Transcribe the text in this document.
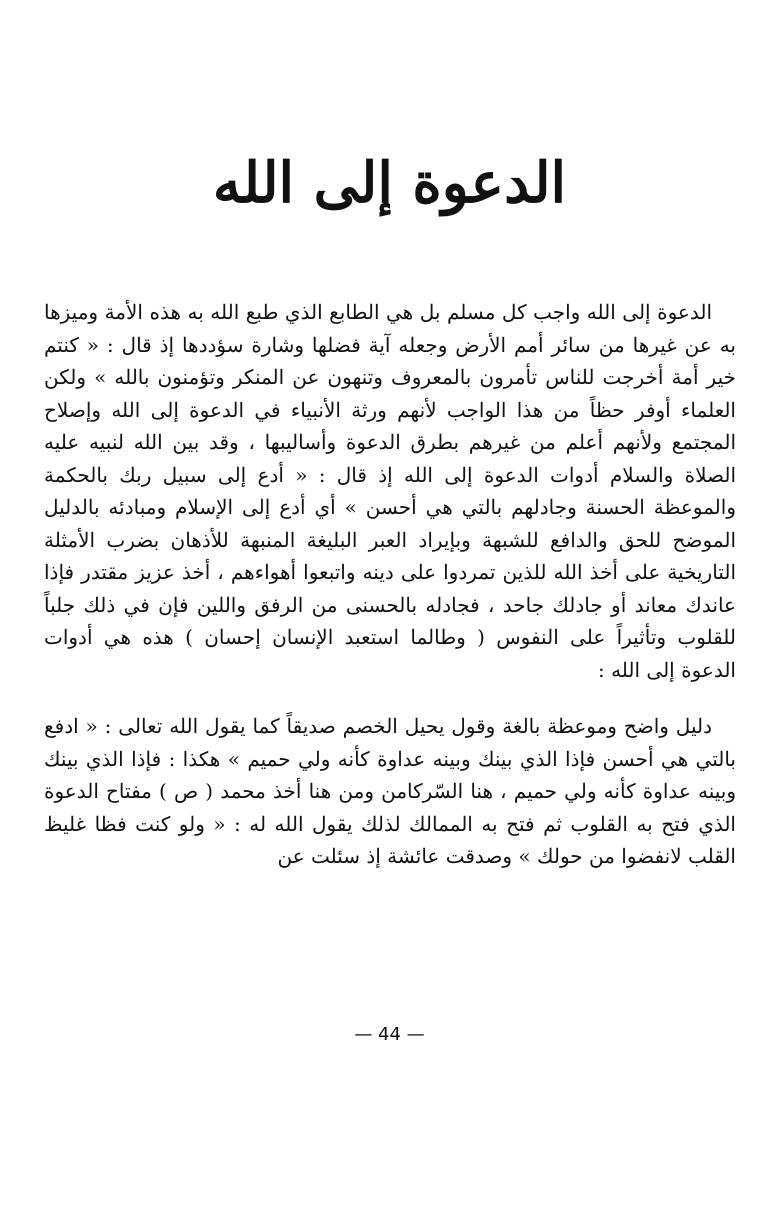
الدعوة إلى الله

الدعوة إلى الله واجب كل مسلم بل هي الطابع الذي طبع الله به هذه الأمة وميزها به عن غيرها من سائر أمم الأرض وجعله آية فضلها وشارة سؤددها إذ قال : « كنتم خير أمة أخرجت للناس تأمرون بالمعروف وتنهون عن المنكر وتؤمنون بالله » ولكن العلماء أوفر حظاً من هذا الواجب لأنهم ورثة الأنبياء في الدعوة إلى الله وإصلاح المجتمع ولأنهم أعلم من غيرهم بطرق الدعوة وأساليبها ، وقد بين الله لنبيه عليه الصلاة والسلام أدوات الدعوة إلى الله إذ قال : « أدع إلى سبيل ربك بالحكمة والموعظة الحسنة وجادلهم بالتي هي أحسن » أي أدع إلى الإسلام ومبادئه بالدليل الموضح للحق والدافع للشبهة وبإيراد العبر البليغة المنبهة للأذهان بضرب الأمثلة التاريخية على أخذ الله للذين تمردوا على دينه واتبعوا أهواءهم ، أخذ عزيز مقتدر فإذا عاندك معاند أو جادلك جاحد ، فجادله بالحسنى من الرفق واللين فإن في ذلك جلباً للقلوب وتأثيراً على النفوس ( وطالما استعبد الإنسان إحسان ) هذه هي أدوات الدعوة إلى الله :

دليل واضح وموعظة بالغة وقول يحيل الخصم صديقاً كما يقول الله تعالى : « ادفع بالتي هي أحسن فإذا الذي بينك وبينه عداوة كأنه ولي حميم » هكذا : فإذا الذي بينك وبينه عداوة كأنه ولي حميم ، هنا السّركامن ومن هنا أخذ محمد ( ص ) مفتاح الدعوة الذي فتح به القلوب ثم فتح به الممالك لذلك يقول الله له : « ولو كنت فظا غليظ القلب لانفضوا من حولك » وصدقت عائشة إذ سئلت عن

— 44 —
